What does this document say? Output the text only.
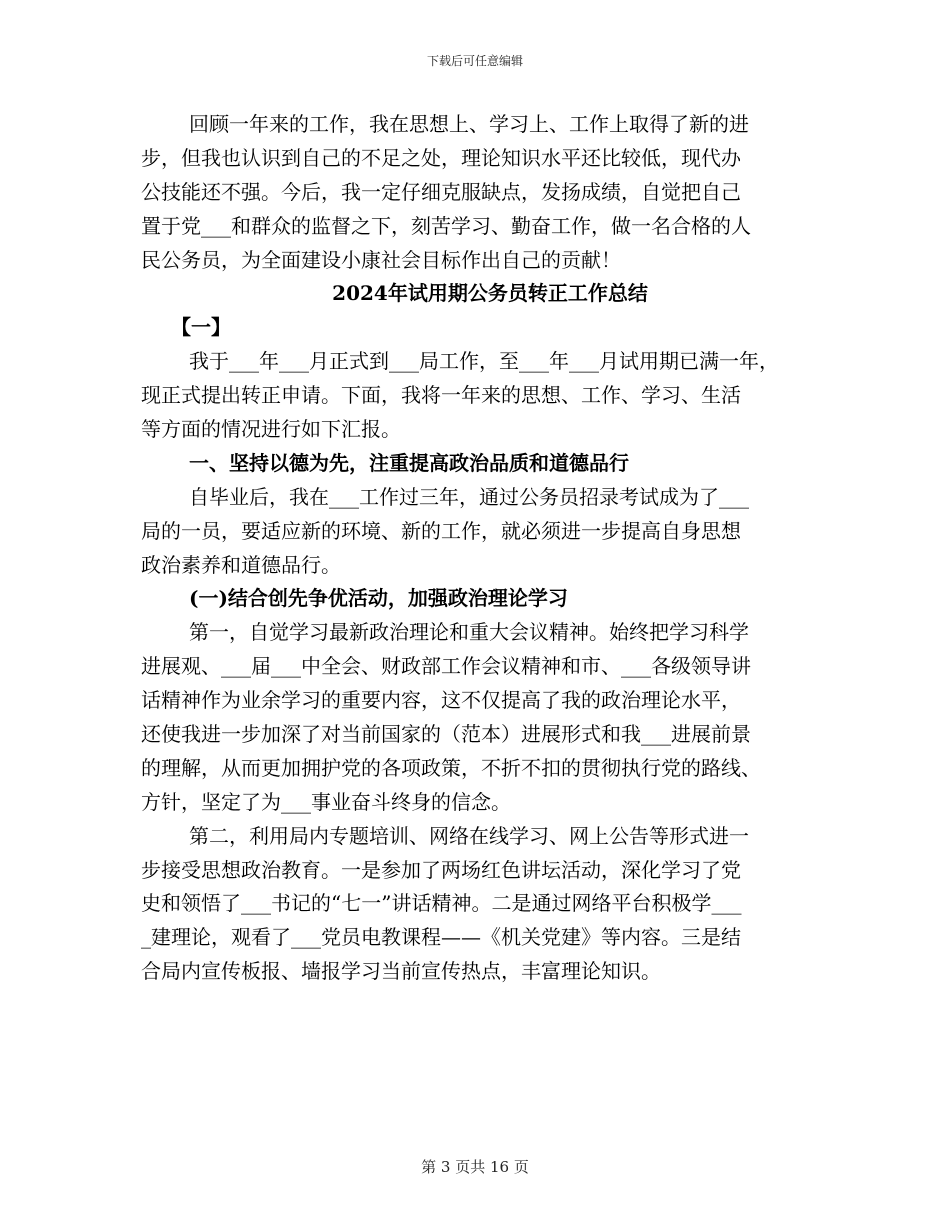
下载后可任意编辑
回顾一年来的工作，我在思想上、学习上、工作上取得了新的进
步，但我也认识到自己的不足之处，理论知识水平还比较低，现代办
公技能还不强。今后，我一定仔细克服缺点，发扬成绩，自觉把自己
置于党___和群众的监督之下，刻苦学习、勤奋工作，做一名合格的人
民公务员，为全面建设小康社会目标作出自己的贡献！
2024年试用期公务员转正工作总结
【一】
我于___年___月正式到___局工作，至___年___月试用期已满一年，
现正式提出转正申请。下面，我将一年来的思想、工作、学习、生活
等方面的情况进行如下汇报。
一、坚持以德为先，注重提高政治品质和道德品行
自毕业后，我在___工作过三年，通过公务员招录考试成为了___
局的一员，要适应新的环境、新的工作，就必须进一步提高自身思想
政治素养和道德品行。
(一)结合创先争优活动，加强政治理论学习
第一，自觉学习最新政治理论和重大会议精神。始终把学习科学
进展观、___届___中全会、财政部工作会议精神和市、___各级领导讲
话精神作为业余学习的重要内容，这不仅提高了我的政治理论水平，
还使我进一步加深了对当前国家的（范本）进展形式和我___进展前景
的理解，从而更加拥护党的各项政策，不折不扣的贯彻执行党的路线、
方针，坚定了为___事业奋斗终身的信念。
第二，利用局内专题培训、网络在线学习、网上公告等形式进一
步接受思想政治教育。一是参加了两场红色讲坛活动，深化学习了党
史和领悟了___书记的“七一”讲话精神。二是通过网络平台积极学___
_建理论，观看了___党员电教课程——《机关党建》等内容。三是结
合局内宣传板报、墙报学习当前宣传热点，丰富理论知识。
第 3 页共 16 页
